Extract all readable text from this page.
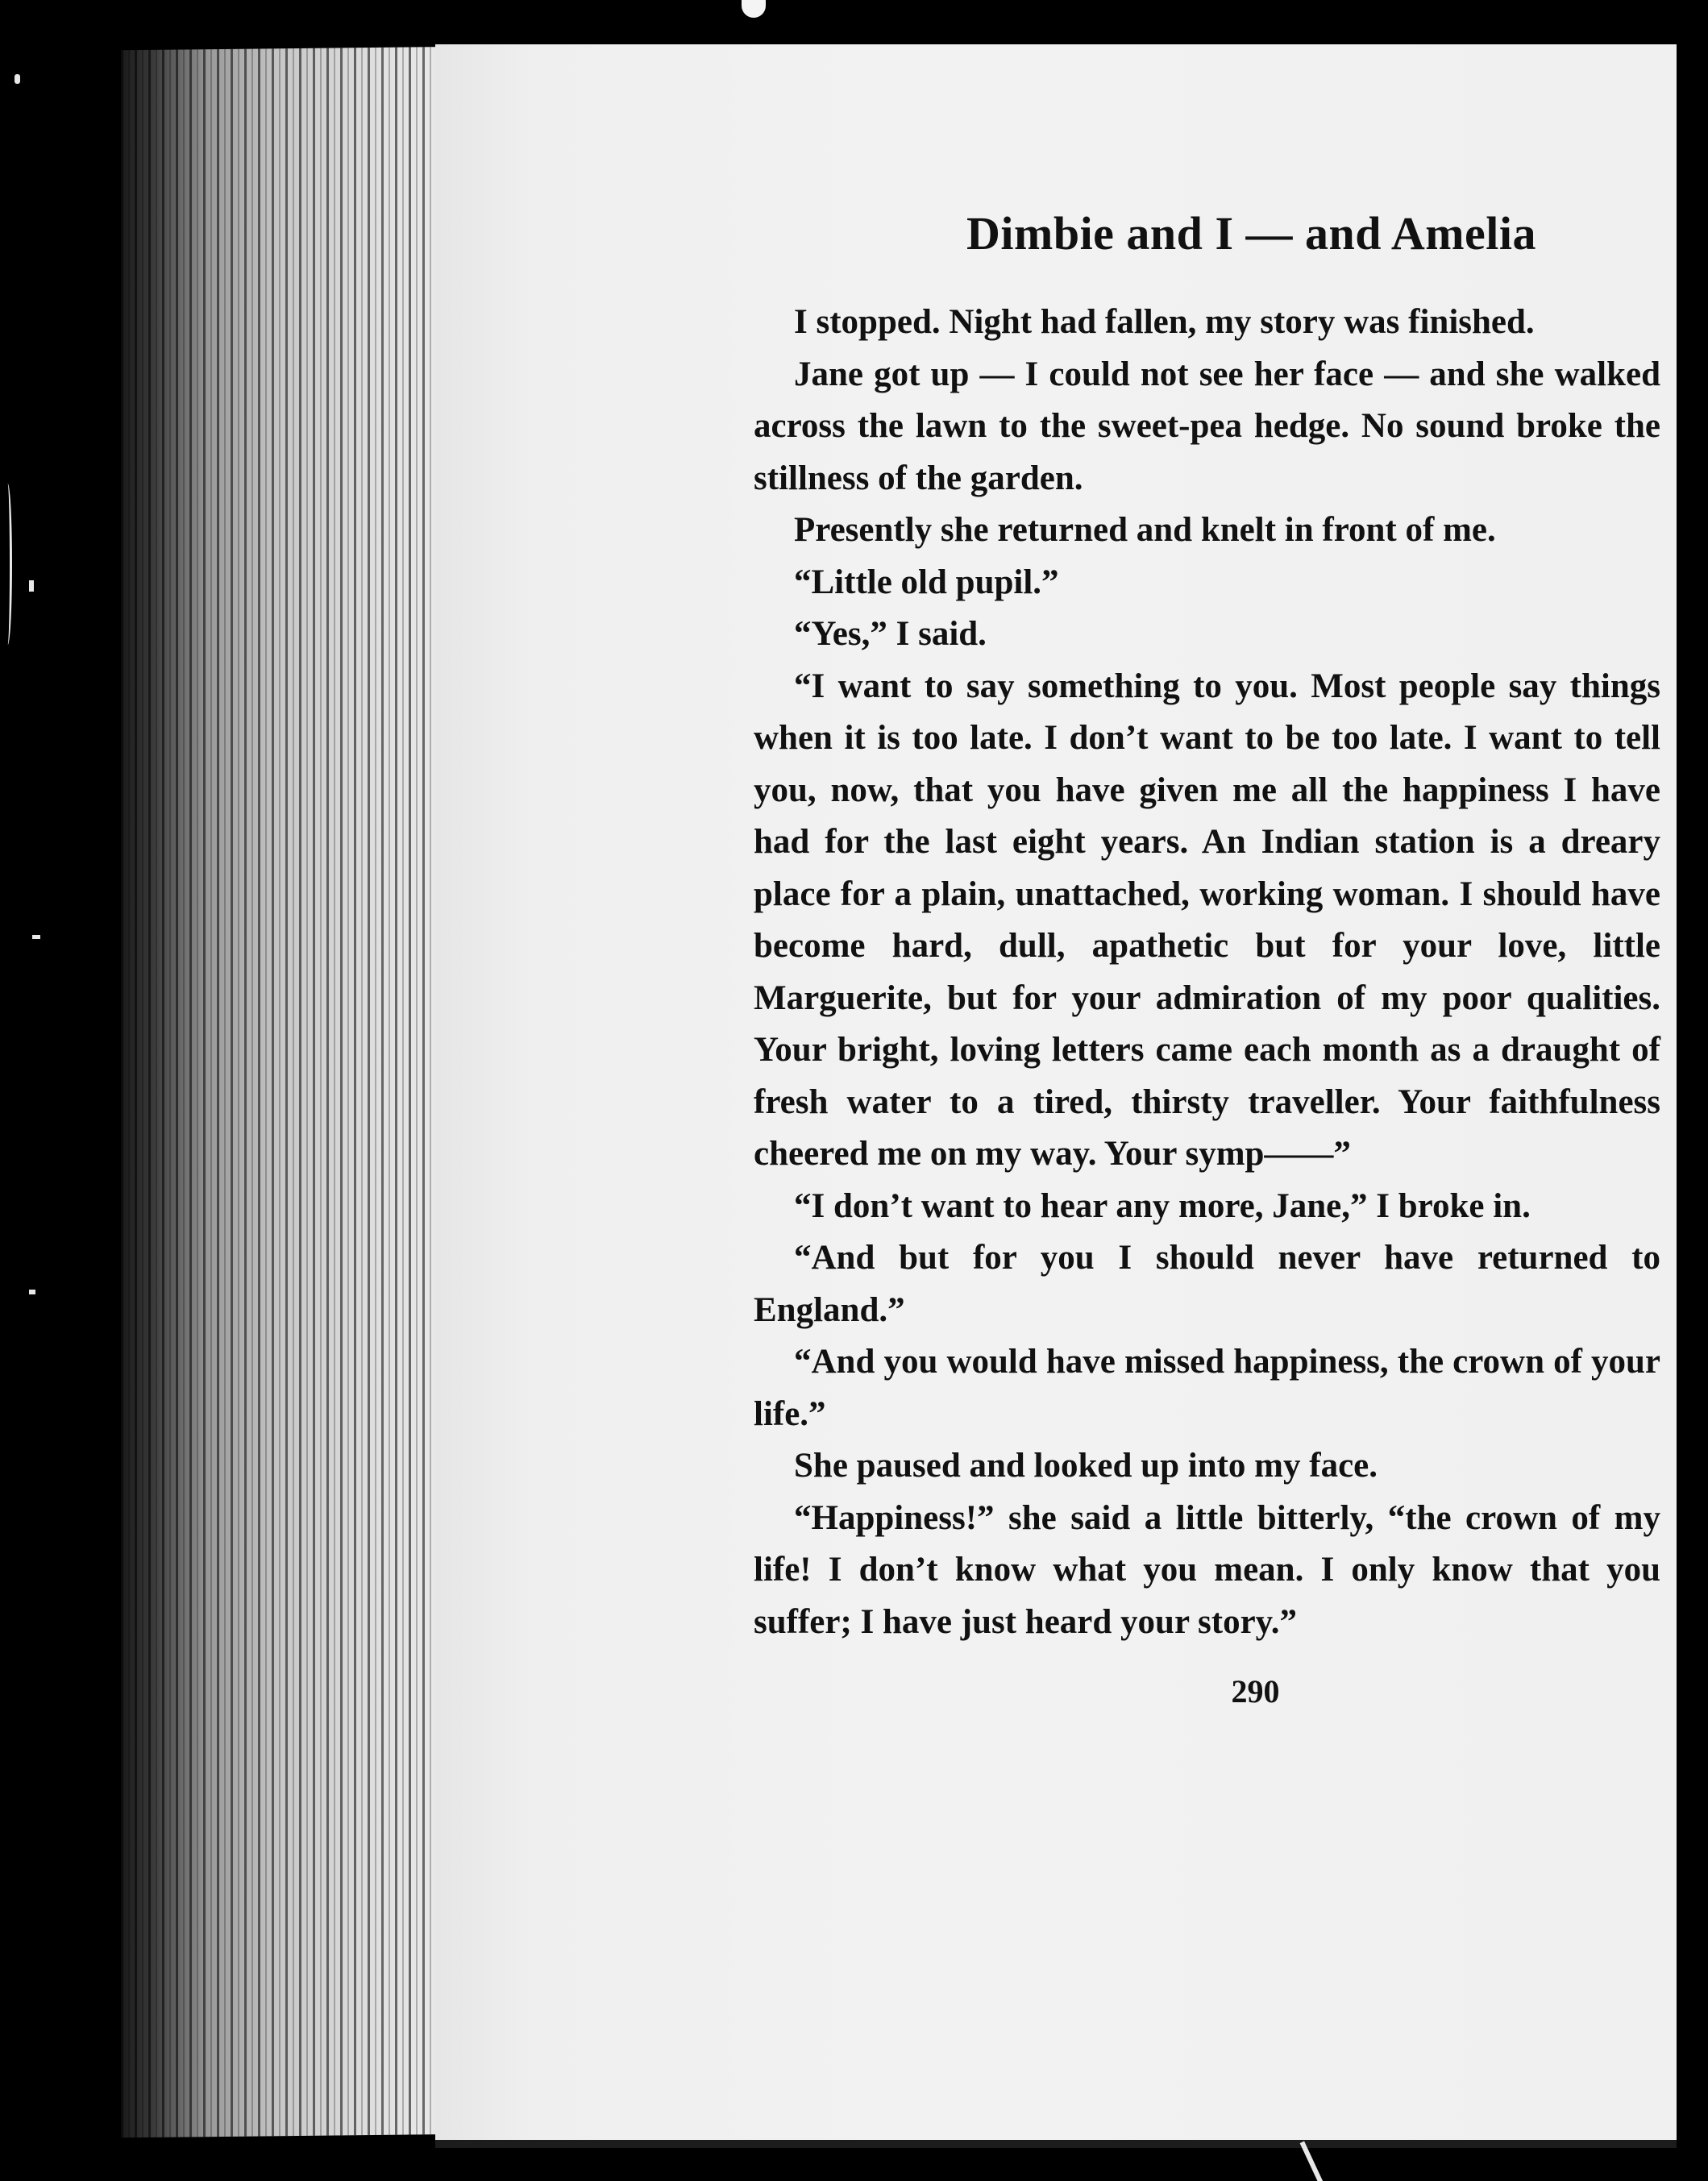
Dimbie and I — and Amelia

I stopped. Night had fallen, my story was finished.

Jane got up — I could not see her face — and she walked across the lawn to the sweet-pea hedge. No sound broke the stillness of the garden.

Presently she returned and knelt in front of me.

“Little old pupil.”

“Yes,” I said.

“I want to say something to you. Most people say things when it is too late. I don’t want to be too late. I want to tell you, now, that you have given me all the happiness I have had for the last eight years. An Indian station is a dreary place for a plain, unattached, working woman. I should have become hard, dull, apathetic but for your love, little Marguerite, but for your admiration of my poor qualities. Your bright, loving letters came each month as a draught of fresh water to a tired, thirsty traveller. Your faithfulness cheered me on my way. Your symp——”

“I don’t want to hear any more, Jane,” I broke in.

“And but for you I should never have returned to England.”

“And you would have missed happiness, the crown of your life.”

She paused and looked up into my face.

“Happiness!” she said a little bitterly, “the crown of my life! I don’t know what you mean. I only know that you suffer; I have just heard your story.”

290
